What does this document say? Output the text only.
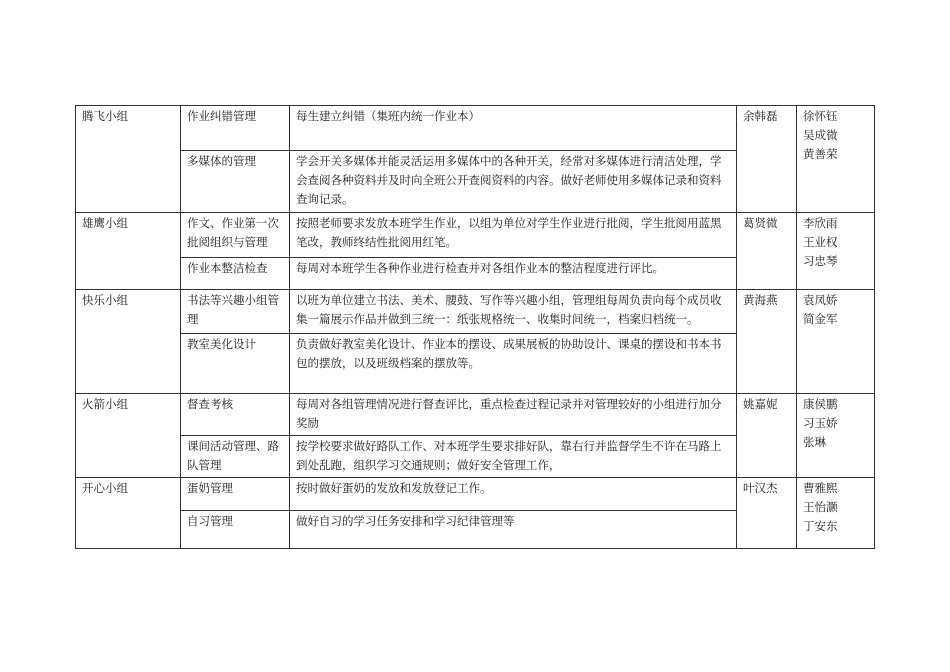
腾飞小组	作业纠错管理	每生建立纠错（集班内统一作业本）	余韩磊	徐怀钰
吴成微
黄善荣

	多媒体的管理	学会开关多媒体并能灵活运用多媒体中的各种开关，经常对多媒体进行清洁处理，学会查阅各种资料并及时向全班公开查阅资料的内容。做好老师使用多媒体记录和资料查询记录。		
雄鹰小组	作文、作业第一次批阅组织与管理	按照老师要求发放本班学生作业，以组为单位对学生作业进行批阅，学生批阅用蓝黑笔改，教师终结性批阅用红笔。	葛贤微	李欣雨
王业权
习忠琴

	作业本整洁检查	每周对本班学生各种作业进行检查并对各组作业本的整洁程度进行评比。		
快乐小组	书法等兴趣小组管理	以班为单位建立书法、美术、腰鼓、写作等兴趣小组，管理组每周负责向每个成员收集一篇展示作品并做到三统一：纸张规格统一、收集时间统一，档案归档统一。	黄海燕	袁凤娇
简金军

	教室美化设计	负责做好教室美化设计、作业本的摆设、成果展板的协助设计、课桌的摆设和书本书包的摆放，以及班级档案的摆放等。		
火箭小组	督查考核	每周对各组管理情况进行督查评比，重点检查过程记录并对管理较好的小组进行加分奖励	姚嘉妮	康侯鹏
习玉娇
张琳

	课间活动管理、路队管理	按学校要求做好路队工作、对本班学生要求排好队，靠右行并监督学生不许在马路上到处乱跑，组织学习交通规则；做好安全管理工作，		
开心小组	蛋奶管理	按时做好蛋奶的发放和发放登记工作。	叶汉杰	曹雅熙
王怡灏
丁安东

	自习管理	做好自习的学习任务安排和学习纪律管理等		
